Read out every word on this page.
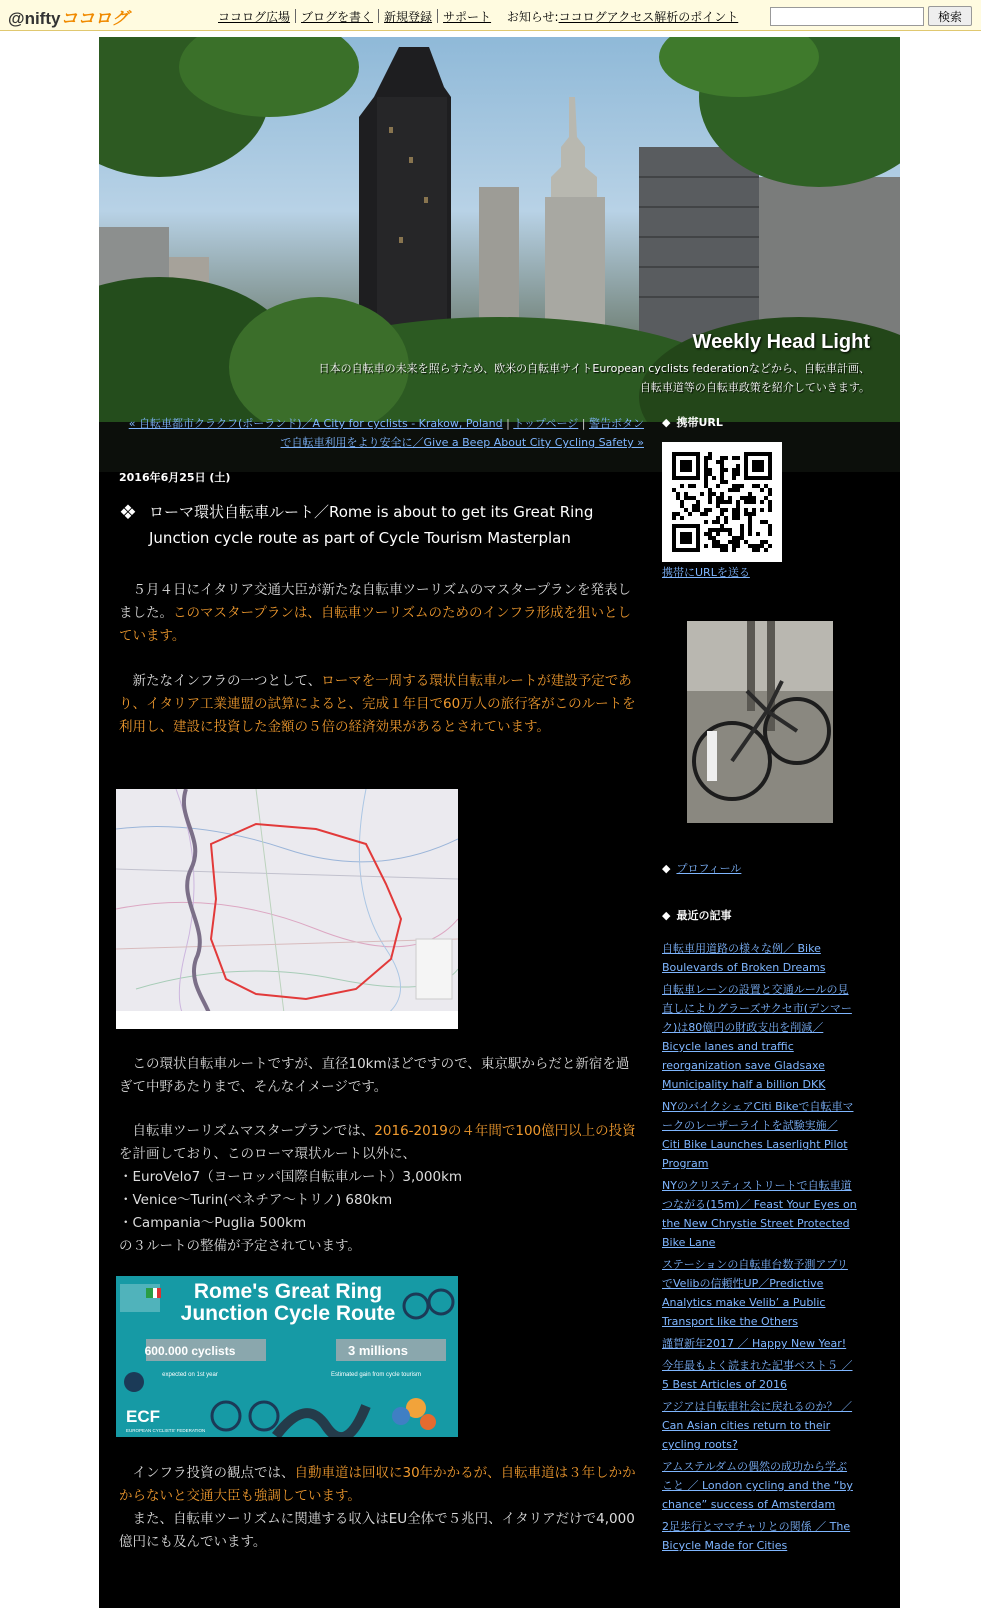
@niftyココログ	ココログ広場 ブログを書く 新規登録 サポート お知らせ:ココログアクセス解析のポイント	検索
Weekly Head Light
日本の自転車の未来を照らすため、欧米の自転車サイトEuropean cyclists federationなどから、自転車計画、自転車道等の自転車政策を紹介していきます。
« 自転車都市クラクフ(ポーランド)／A City for cyclists - Krakow, Poland | トップページ | 警告ボタンで自転車利用をより安全に／Give a Beep About City Cycling Safety »
2016年6月25日 (土)
❖ ローマ環状自転車ルート／Rome is about to get its Great Ring Junction cycle route as part of Cycle Tourism Masterplan
　５月４日にイタリア交通大臣が新たな自転車ツーリズムのマスタープランを発表しました。このマスタープランは、自転車ツーリズムのためのインフラ形成を狙いとしています。
　新たなインフラの一つとして、ローマを一周する環状自転車ルートが建設予定であり、イタリア工業連盟の試算によると、完成１年目で60万人の旅行客がこのルートを利用し、建設に投資した金額の５倍の経済効果があるとされています。
　この環状自転車ルートですが、直径10kmほどですので、東京駅からだと新宿を過ぎて中野あたりまで、そんなイメージです。
　自転車ツーリズムマスタープランでは、2016-2019の４年間で100億円以上の投資を計画しており、このローマ環状ルート以外に、
・EuroVelo7（ヨーロッパ国際自転車ルート）3,000km
・Venice～Turin(ベネチア～トリノ) 680km
・Campania～Puglia 500km
の３ルートの整備が予定されています。
Rome's Great Ring
Junction Cycle Route
600.000 cyclists
expected on 1st year
3 millions
Estimated gain from cycle tourism
ECF
EUROPEAN CYCLISTS' FEDERATION
　インフラ投資の観点では、自動車道は回収に30年かかるが、自転車道は３年しかかからないと交通大臣も強調しています。
　また、自転車ツーリズムに関連する収入はEU全体で５兆円、イタリアだけで4,000億円にも及んでいます。
◆ 携帯URL
携帯にURLを送る
◆ プロフィール
◆ 最近の記事
自転車用道路の様々な例／ Bike Boulevards of Broken Dreams
自転車レーンの設置と交通ルールの見直しによりグラーズサクセ市(デンマーク)は80億円の財政支出を削減／ Bicycle lanes and traffic reorganization save Gladsaxe Municipality half a billion DKK
NYのバイクシェアCiti Bikeで自転車マークのレーザーライトを試験実施／ Citi Bike Launches Laserlight Pilot Program
NYのクリスティストリートで自転車道つながる(15m)／ Feast Your Eyes on the New Chrystie Street Protected Bike Lane
ステーションの自転車台数予測アプリでVelibの信頼性UP／Predictive Analytics make Velib’ a Public Transport like the Others
謹賀新年2017 ／ Happy New Year!
今年最もよく読まれた記事ベスト５ ／ 5 Best Articles of 2016
アジアは自転車社会に戻れるのか？ ／ Can Asian cities return to their cycling roots?
アムステルダムの偶然の成功から学ぶこと ／ London cycling and the “by chance” success of Amsterdam
2足歩行とママチャリとの関係 ／ The Bicycle Made for Cities
